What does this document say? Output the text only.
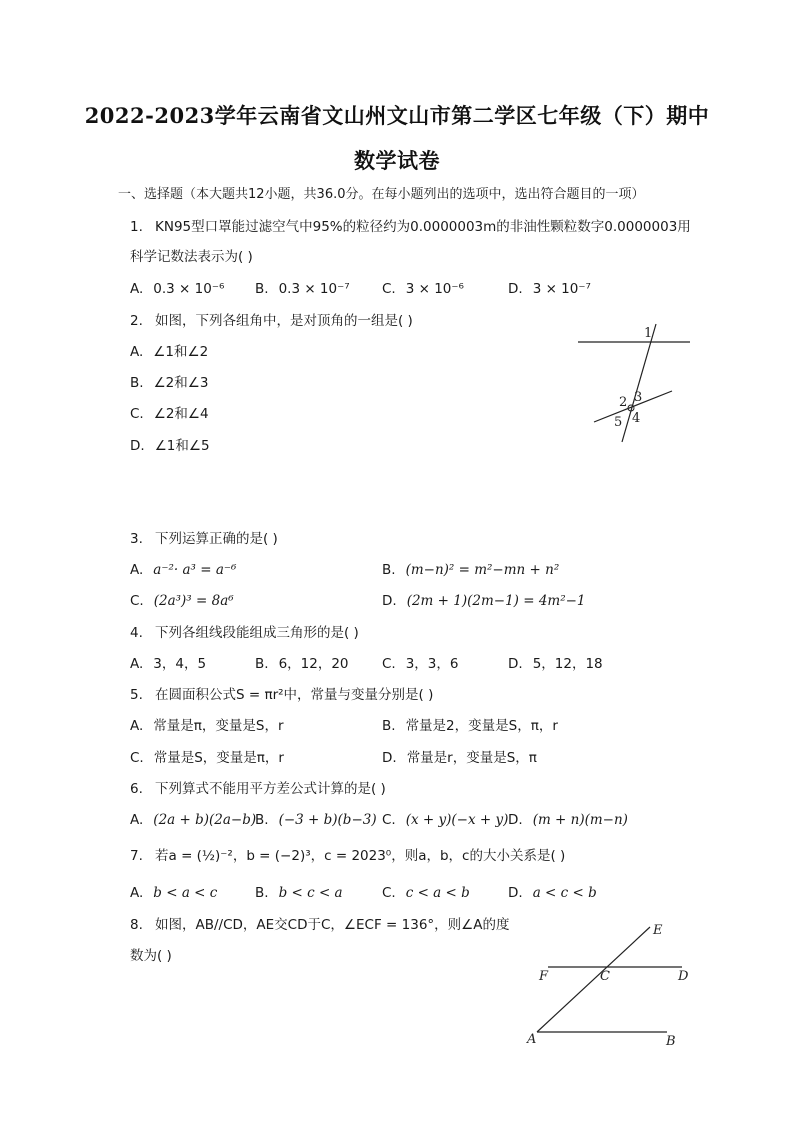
2022-2023学年云南省文山州文山市第二学区七年级（下）期中
数学试卷
一、选择题（本大题共12小题，共36.0分。在每小题列出的选项中，选出符合题目的一项）
1. KN95型口罩能过滤空气中95%的粒径约为0.0000003m的非油性颗粒数字0.0000003用
科学记数法表示为( )
A. 0.3 × 10⁻⁶ B. 0.3 × 10⁻⁷ C. 3 × 10⁻⁶	D. 3 × 10⁻⁷
2. 如图，下列各组角中，是对顶角的一组是( )
A. ∠1和∠2
B. ∠2和∠3
C. ∠2和∠4
D. ∠1和∠5
1
2 3
4
5
3. 下列运算正确的是( )
A. a⁻²· a³ = a⁻⁶	B. (m−n)² = m²−mn + n²
C. (2a³)³ = 8a⁶	D. (2m + 1)(2m−1) = 4m²−1
4. 下列各组线段能组成三角形的是( )
A. 3，4，5	B. 6，12，20 C. 3，3，6	D. 5，12，18
5. 在圆面积公式S = πr²中，常量与变量分别是( )
A. 常量是π，变量是S，r	B. 常量是2，变量是S，π，r
C. 常量是S，变量是π，r	D. 常量是r，变量是S，π
6. 下列算式不能用平方差公式计算的是( )
A. (2a + b)(2a−b)
B. (−3 + b)(b−3) C. (x + y)(−x + y) D. (m + n)(m−n)
7. 若a = (½)⁻²，b = (−2)³，c = 2023⁰，则a，b，c的大小关系是( )
A. b < a < c	B. b < c < a	C. c < a < b	D. a < c < b
8. 如图，AB//CD，AE交CD于C，∠ECF = 136°，则∠A的度
数为( )
E
F	C	D
A	B
